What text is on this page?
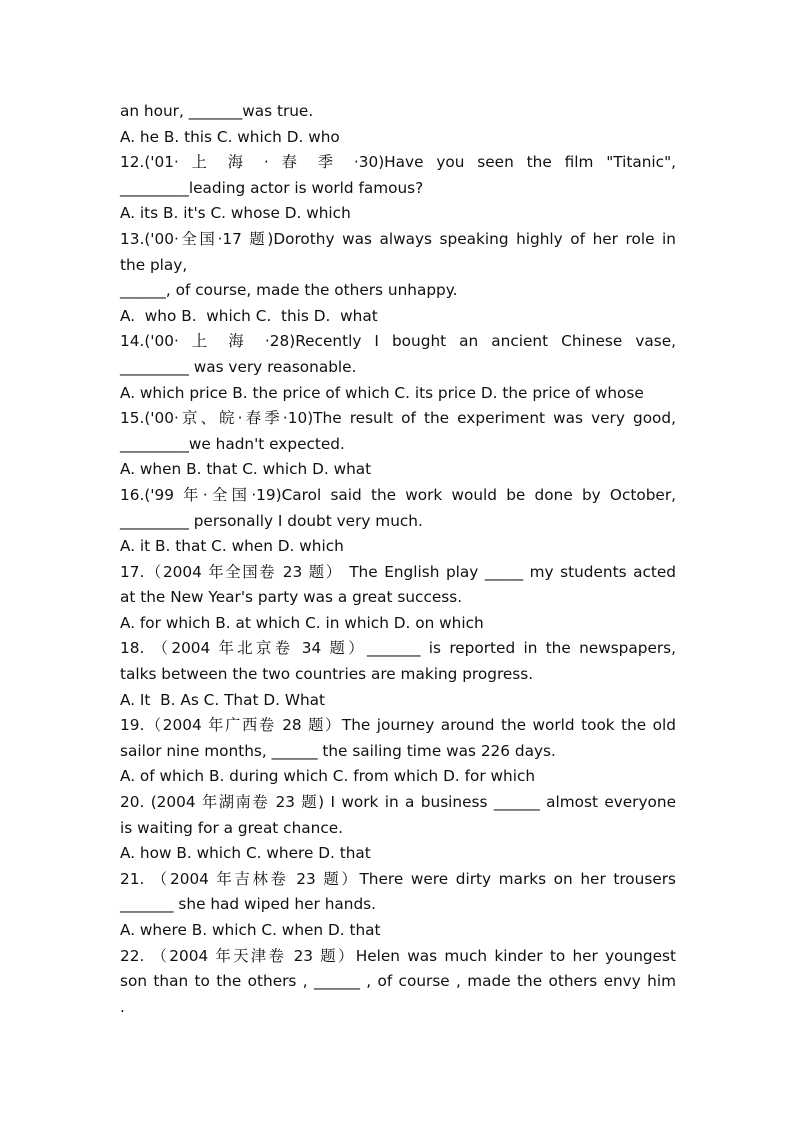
an hour, _______was true.
A. he B. this C. which D. who
12.('01· 上 海 · 春 季 ·30)Have you seen the film "Titanic",
_________leading actor is world famous?
A. its B. it's C. whose D. which
13.('00·全国·17 题)Dorothy was always speaking highly of her role in
the play,
______, of course, made the others unhappy.
A.  who B.  which C.  this D.  what
14.('00· 上 海 ·28)Recently I bought an ancient Chinese vase,
_________ was very reasonable.
A. which price B. the price of which C. its price D. the price of whose
15.('00·京、皖·春季·10)The result of the experiment was very good,
_________we hadn't expected.
A. when B. that C. which D. what
16.('99 年·全国·19)Carol said the work would be done by October,
_________ personally I doubt very much.
A. it B. that C. when D. which
17.（2004 年全国卷 23 题） The English play _____ my students acted
at the New Year's party was a great success.
A. for which B. at which C. in which D. on which
18. （2004 年北京卷 34 题）_______ is reported in the newspapers,
talks between the two countries are making progress.
A. It  B. As C. That D. What
19.（2004 年广西卷 28 题）The journey around the world took the old
sailor nine months, ______ the sailing time was 226 days.
A. of which B. during which C. from which D. for which
20. (2004 年湖南卷 23 题) I work in a business ______ almost everyone
is waiting for a great chance.
A. how B. which C. where D. that
21. （2004 年吉林卷 23 题）There were dirty marks on her trousers
_______ she had wiped her hands.
A. where B. which C. when D. that
22. （2004 年天津卷 23 题）Helen was much kinder to her youngest
son than to the others , ______ , of course , made the others envy him
.
